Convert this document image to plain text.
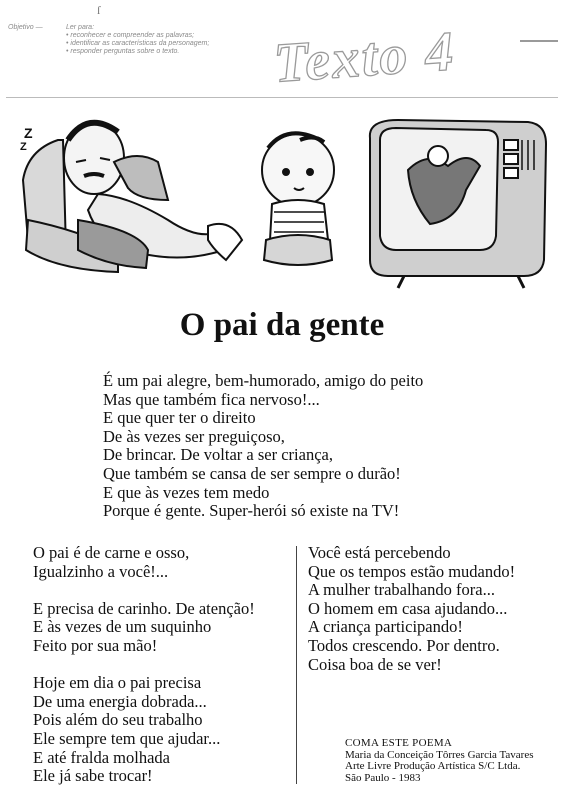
Objetivo —	Ler para:
• reconhecer e compreender as palavras;
• identificar as características da personagem;
• responder perguntas sobre o texto.
ſ
Texto 4
Z
Z
O pai da gente
É um pai alegre, bem-humorado, amigo do peito
Mas que também fica nervoso!...
E que quer ter o direito
De às vezes ser preguiçoso,
De brincar. De voltar a ser criança,
Que também se cansa de ser sempre o durão!
E que às vezes tem medo
Porque é gente. Super-herói só existe na TV!
O pai é de carne e osso,
Igualzinho a você!...
E precisa de carinho. De atenção!
E às vezes de um suquinho
Feito por sua mão!
Hoje em dia o pai precisa
De uma energia dobrada...
Pois além do seu trabalho
Ele sempre tem que ajudar...
E até fralda molhada
Ele já sabe trocar!
Você está percebendo
Que os tempos estão mudando!
A mulher trabalhando fora...
O homem em casa ajudando...
A criança participando!
Todos crescendo. Por dentro.
Coisa boa de se ver!
COMA ESTE POEMA
Maria da Conceição Tôrres Garcia Tavares
Arte Livre Produção Artística S/C Ltda.
São Paulo - 1983
